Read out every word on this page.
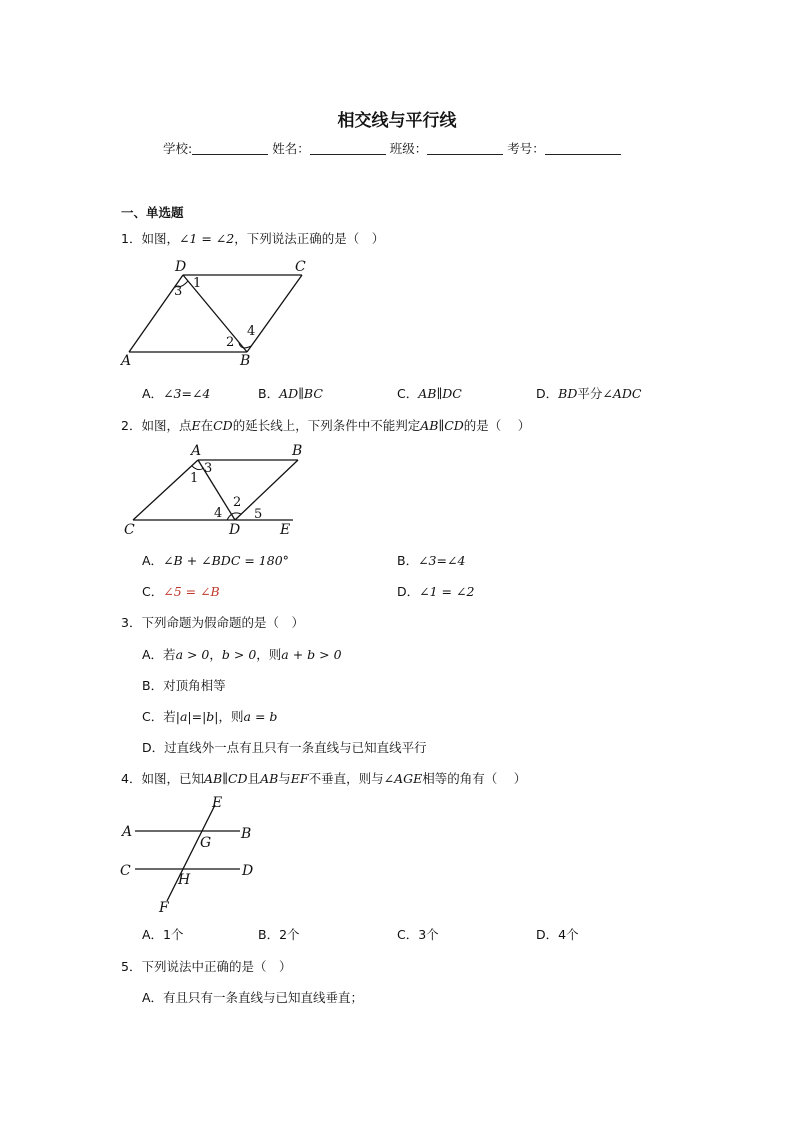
相交线与平行线
学校:	姓名：	班级：	考号：
一、单选题
1．如图，∠1 = ∠2，下列说法正确的是（　）
D	C
A	B
1
2
3
4
A．∠3=∠4	B．AD∥BC	C．AB∥DC	D．BD平分∠ADC
2．如图，点E在CD的延长线上，下列条件中不能判定AB∥CD的是（　 ）
A	B
C	D	E
1
2
3
4 5
A．∠B + ∠BDC = 180°	B．∠3=∠4
C．∠5 = ∠B	D．∠1 = ∠2
3．下列命题为假命题的是（　）
A．若a > 0，b > 0，则a + b > 0
B．对顶角相等
C．若|a|=|b|，则a = b
D．过直线外一点有且只有一条直线与已知直线平行
4．如图，已知AB∥CD且AB与EF不垂直，则与∠AGE相等的角有（　 ）
E
A	B
G
C	D
H
F
A．1个	B．2个	C．3个	D．4个
5．下列说法中正确的是（　）
A．有且只有一条直线与已知直线垂直；
